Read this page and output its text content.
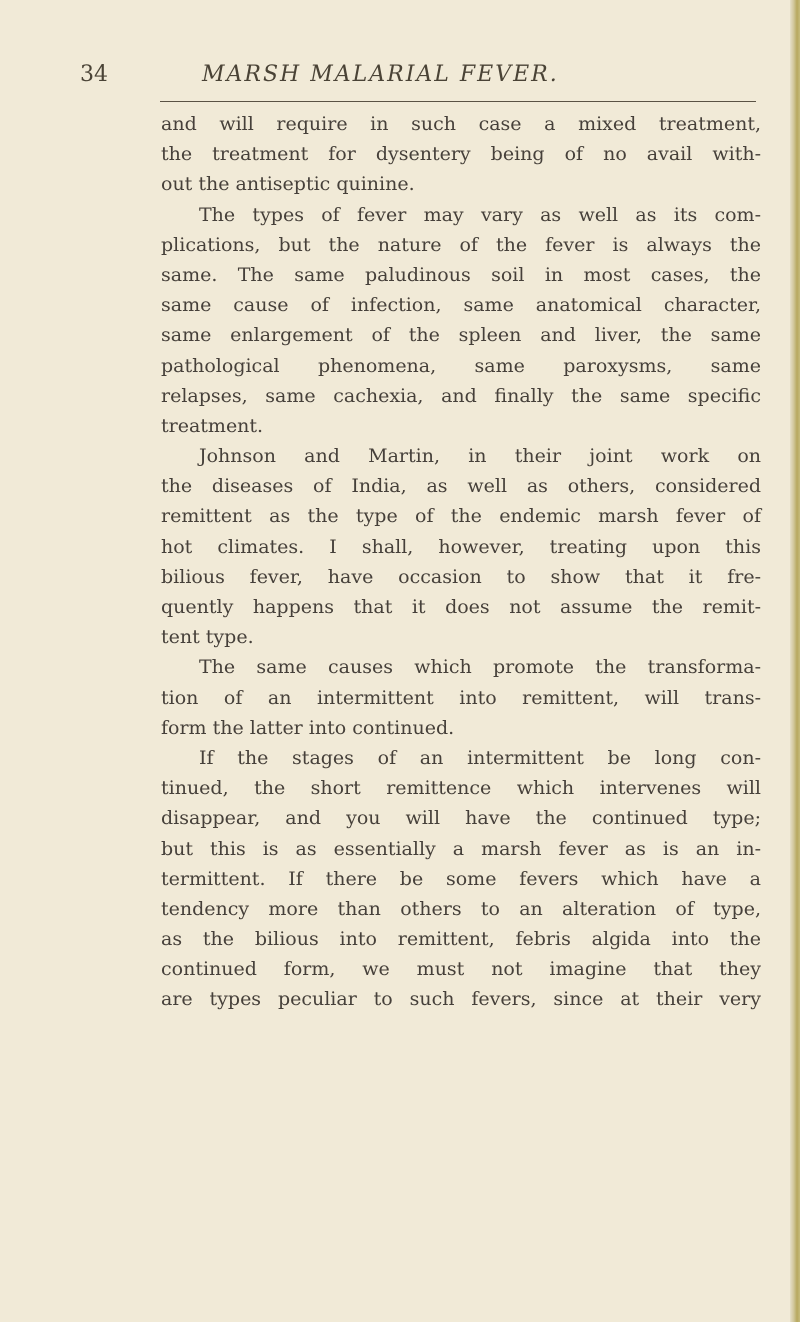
34	MARSH MALARIAL FEVER.
and will require in such case a mixed treatment,
the treatment for dysentery being of no avail with-
out the antiseptic quinine.
The types of fever may vary as well as its com-
plications, but the nature of the fever is always the
same. The same paludinous soil in most cases, the
same cause of infection, same anatomical character,
same enlargement of the spleen and liver, the same
pathological phenomena, same paroxysms, same
relapses, same cachexia, and finally the same specific
treatment.
Johnson and Martin, in their joint work on
the diseases of India, as well as others, considered
remittent as the type of the endemic marsh fever of
hot climates. I shall, however, treating upon this
bilious fever, have occasion to show that it fre-
quently happens that it does not assume the remit-
tent type.
The same causes which promote the transforma-
tion of an intermittent into remittent, will trans-
form the latter into continued.
If the stages of an intermittent be long con-
tinued, the short remittence which intervenes will
disappear, and you will have the continued type;
but this is as essentially a marsh fever as is an in-
termittent. If there be some fevers which have a
tendency more than others to an alteration of type,
as the bilious into remittent, febris algida into the
continued form, we must not imagine that they
are types peculiar to such fevers, since at their very
